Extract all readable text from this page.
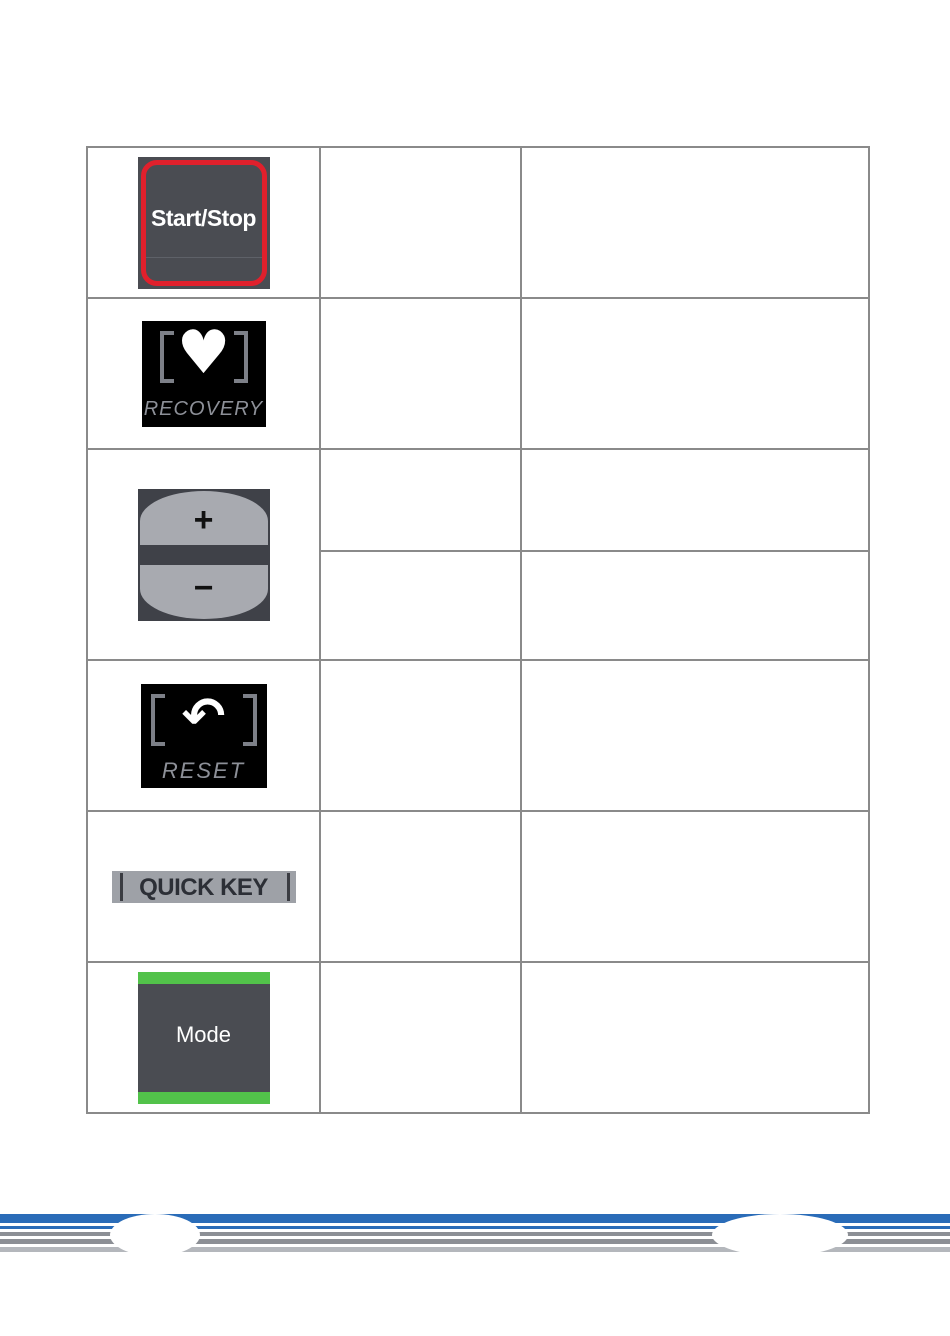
Start/Stop		

♥
RECOVERY		

+
−		

↶
RESET		

QUICK KEY		

Mode		
